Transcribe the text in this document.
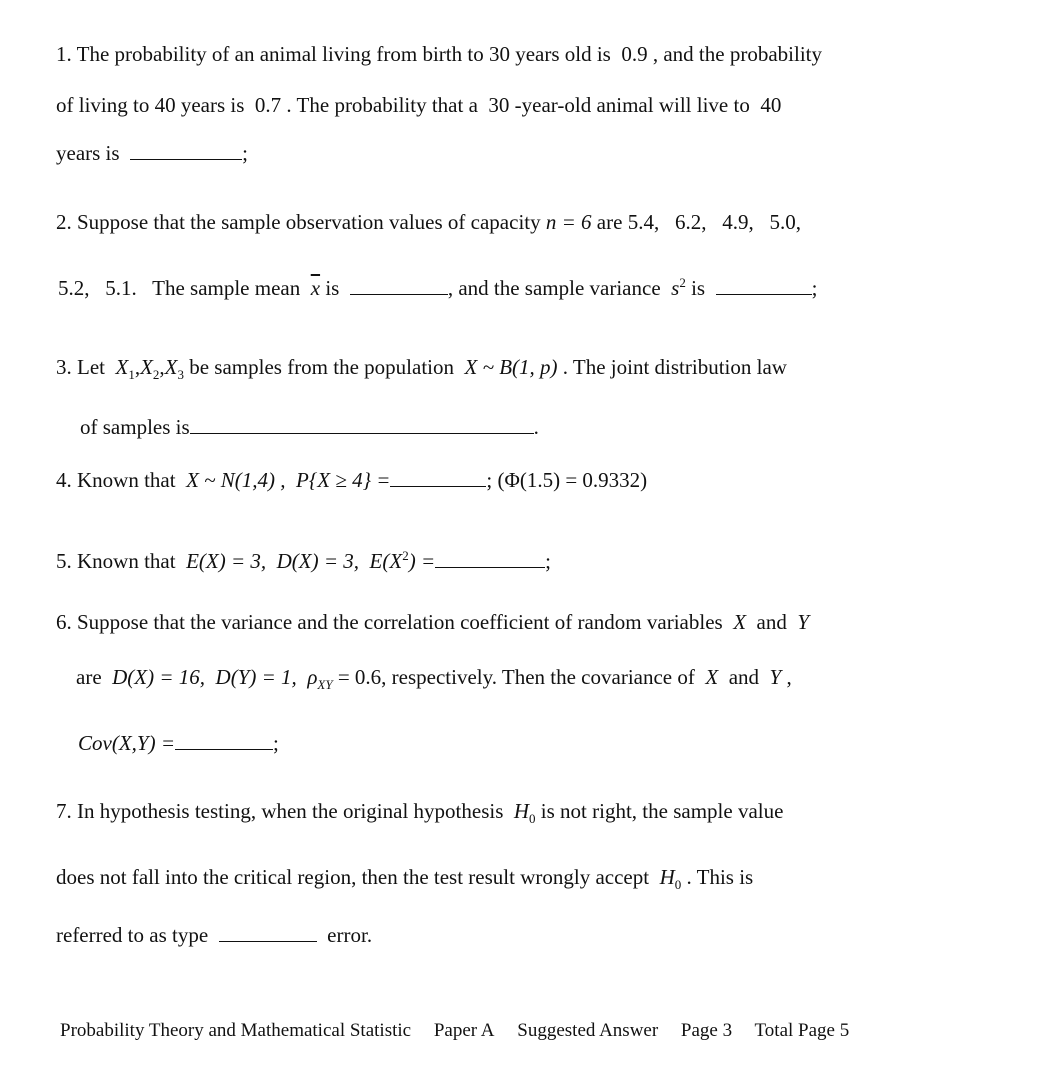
1. The probability of an animal living from birth to 30 years old is  0.9 , and the probability
of living to 40 years is  0.7 . The probability that a  30 -year-old animal will live to  40
years is	;
2. Suppose that the sample observation values of capacity n = 6 are 5.4, 6.2, 4.9, 5.0,
5.2, 5.1. The sample mean  $\overline{x}$ is	, and the sample variance  $s^2$ is	;
3. Let  $X_1,X_2,X_3$ be samples from the population  X ~ B(1, p) . The joint distribution law
of samples is	.
4. Known that  X ~ N(1,4) , P{X ≥ 4} =	; (Φ(1.5) = 0.9332)
5. Known that  E(X) = 3, D(X) = 3, $E(X^2)$ =	;
6. Suppose that the variance and the correlation coefficient of random variables  X  and  Y
are  D(X) = 16, D(Y) = 1, $\rho_{XY} = 0.6$, respectively. Then the covariance of  X  and  Y ,
Cov(X,Y) =	;
7. In hypothesis testing, when the original hypothesis  $H_0$ is not right, the sample value
does not fall into the critical region, then the test result wrongly accept  $H_0$ . This is
referred to as type	error.
Probability Theory and Mathematical Statistic Paper A Suggested Answer Page 3 Total Page 5
